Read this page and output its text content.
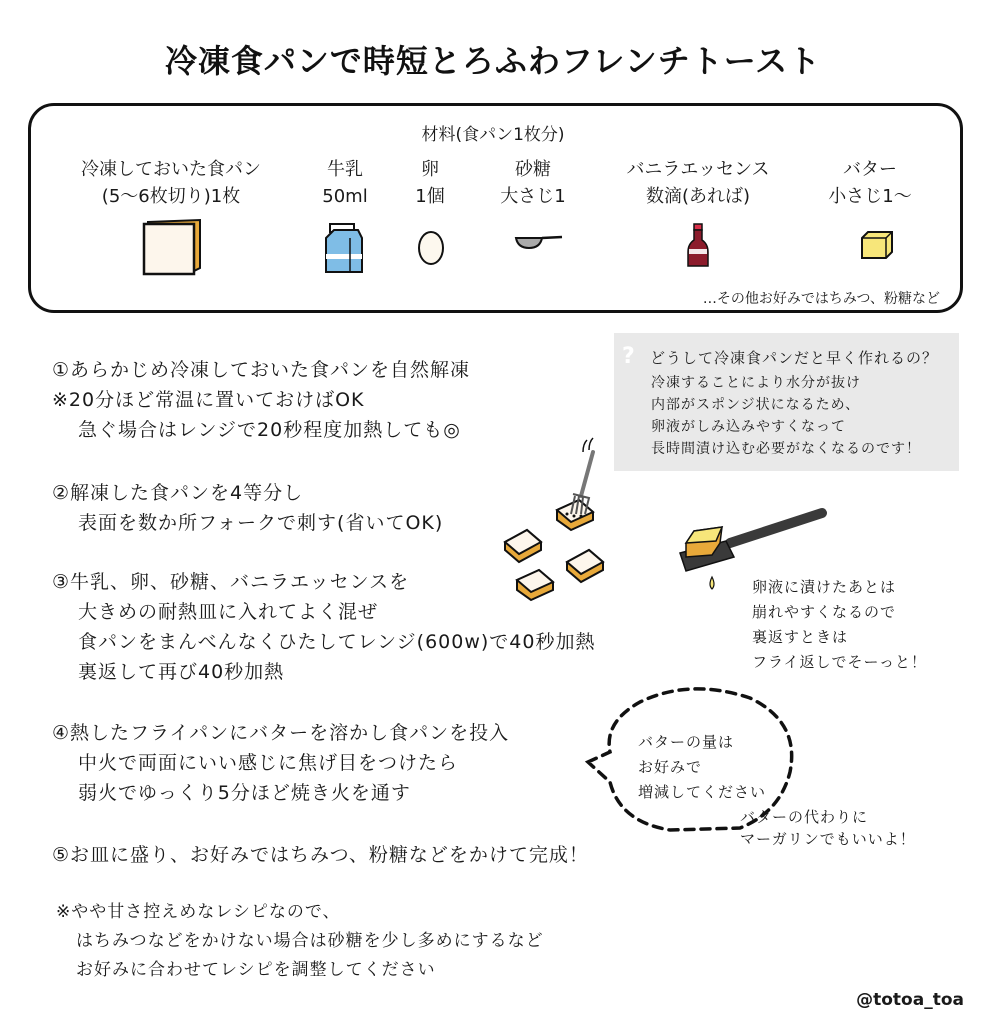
冷凍食パンで時短とろふわフレンチトースト
材料(食パン1枚分)
冷凍しておいた食パン
(5〜6枚切り)1枚
牛乳
50ml
卵
1個
砂糖
大さじ1
バニラエッセンス
数滴(あれば)
バター
小さじ1〜
…その他お好みではちみつ、粉糖など
? どうして冷凍食パンだと早く作れるの？
冷凍することにより水分が抜け
内部がスポンジ状になるため、
卵液がしみ込みやすくなって
長時間漬け込む必要がなくなるのです！
①あらかじめ冷凍しておいた食パンを自然解凍
※20分ほど常温に置いておけばOK
急ぐ場合はレンジで20秒程度加熱しても◎
②解凍した食パンを4等分し
表面を数か所フォークで刺す(省いてOK)
③牛乳、卵、砂糖、バニラエッセンスを
大きめの耐熱皿に入れてよく混ぜ
食パンをまんべんなくひたしてレンジ(600w)で40秒加熱
裏返して再び40秒加熱
④熱したフライパンにバターを溶かし食パンを投入
中火で両面にいい感じに焦げ目をつけたら
弱火でゆっくり5分ほど焼き火を通す
⑤お皿に盛り、お好みではちみつ、粉糖などをかけて完成！
卵液に漬けたあとは
崩れやすくなるので
裏返すときは
フライ返しでそーっと！
バターの量は
お好みで
増減してください
バターの代わりに
マーガリンでもいいよ！
※やや甘さ控えめなレシピなので、
はちみつなどをかけない場合は砂糖を少し多めにするなど
お好みに合わせてレシピを調整してください
@totoa_toa
